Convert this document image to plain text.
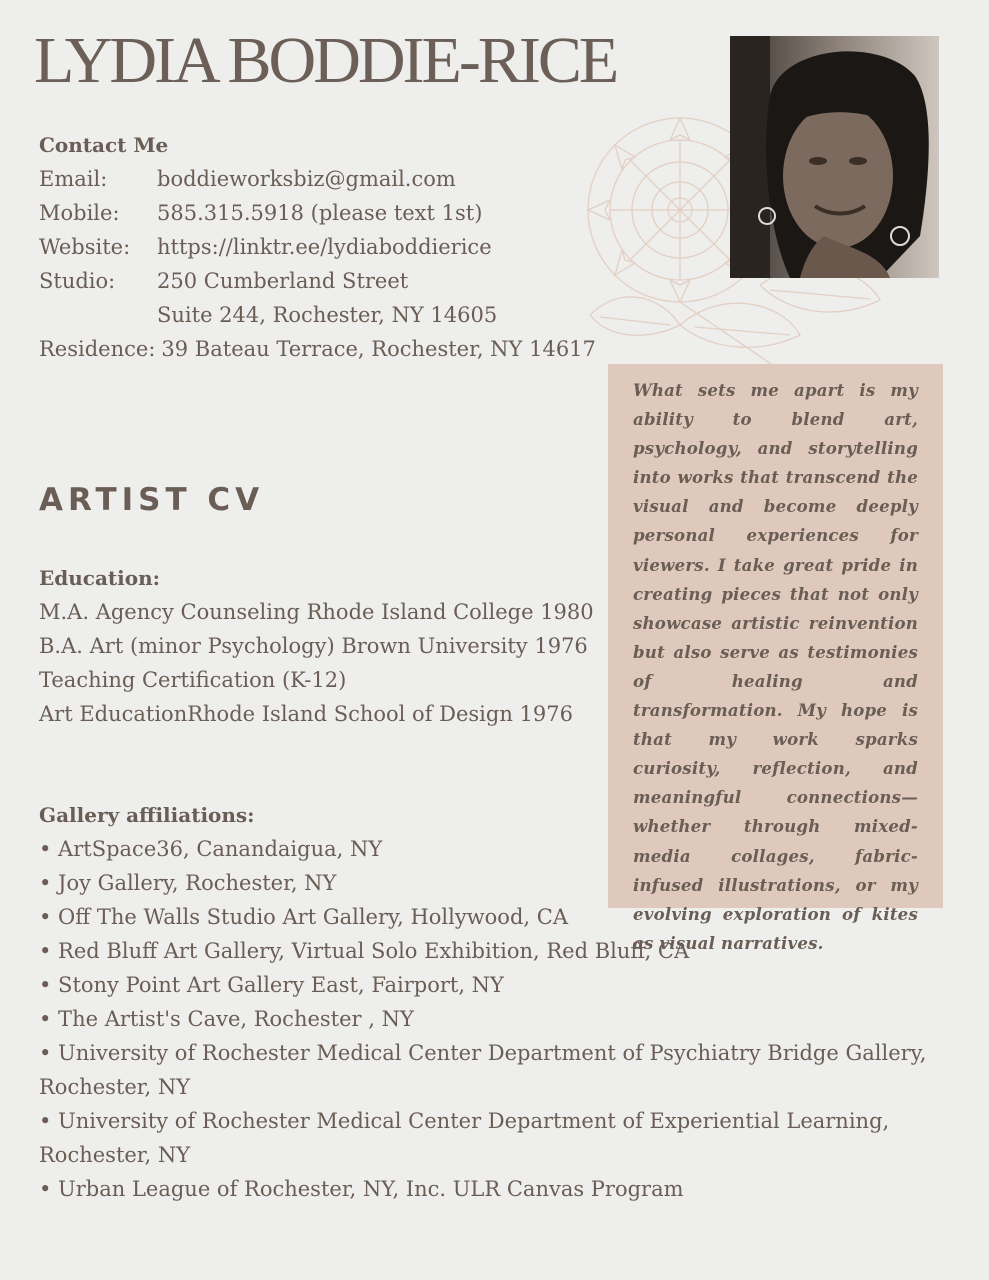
LYDIA BODDIE-RICE
Contact Me
Email:	boddieworksbiz@gmail.com
Mobile:	585.315.5918 (please text 1st)
Website:	https://linktr.ee/lydiaboddierice
Studio:	250 Cumberland Street
Suite 244, Rochester, NY 14605
Residence: 39 Bateau Terrace, Rochester, NY 14617
What sets me apart is my ability to blend art, psychology, and storytelling into works that transcend the visual and become deeply personal experiences for viewers. I take great pride in creating pieces that not only showcase artistic reinvention but also serve as testimonies of healing and transformation. My hope is that my work sparks curiosity, reflection, and meaningful connections—whether through mixed-media collages, fabric-infused illustrations, or my evolving exploration of kites as visual narratives.
ARTIST CV
Education:
M.A. Agency Counseling Rhode Island College 1980
B.A. Art (minor Psychology) Brown University 1976
Teaching Certification (K-12)
Art EducationRhode Island School of Design 1976
Gallery affiliations:
• ArtSpace36, Canandaigua, NY
• Joy Gallery, Rochester, NY
• Off The Walls Studio Art Gallery, Hollywood, CA
• Red Bluff Art Gallery, Virtual Solo Exhibition, Red Bluff, CA
• Stony Point Art Gallery East, Fairport, NY
• The Artist's Cave, Rochester , NY
• University of Rochester Medical Center Department of Psychiatry Bridge Gallery, Rochester, NY
• University of Rochester Medical Center Department of Experiential Learning, Rochester, NY
• Urban League of Rochester, NY, Inc. ULR Canvas Program
